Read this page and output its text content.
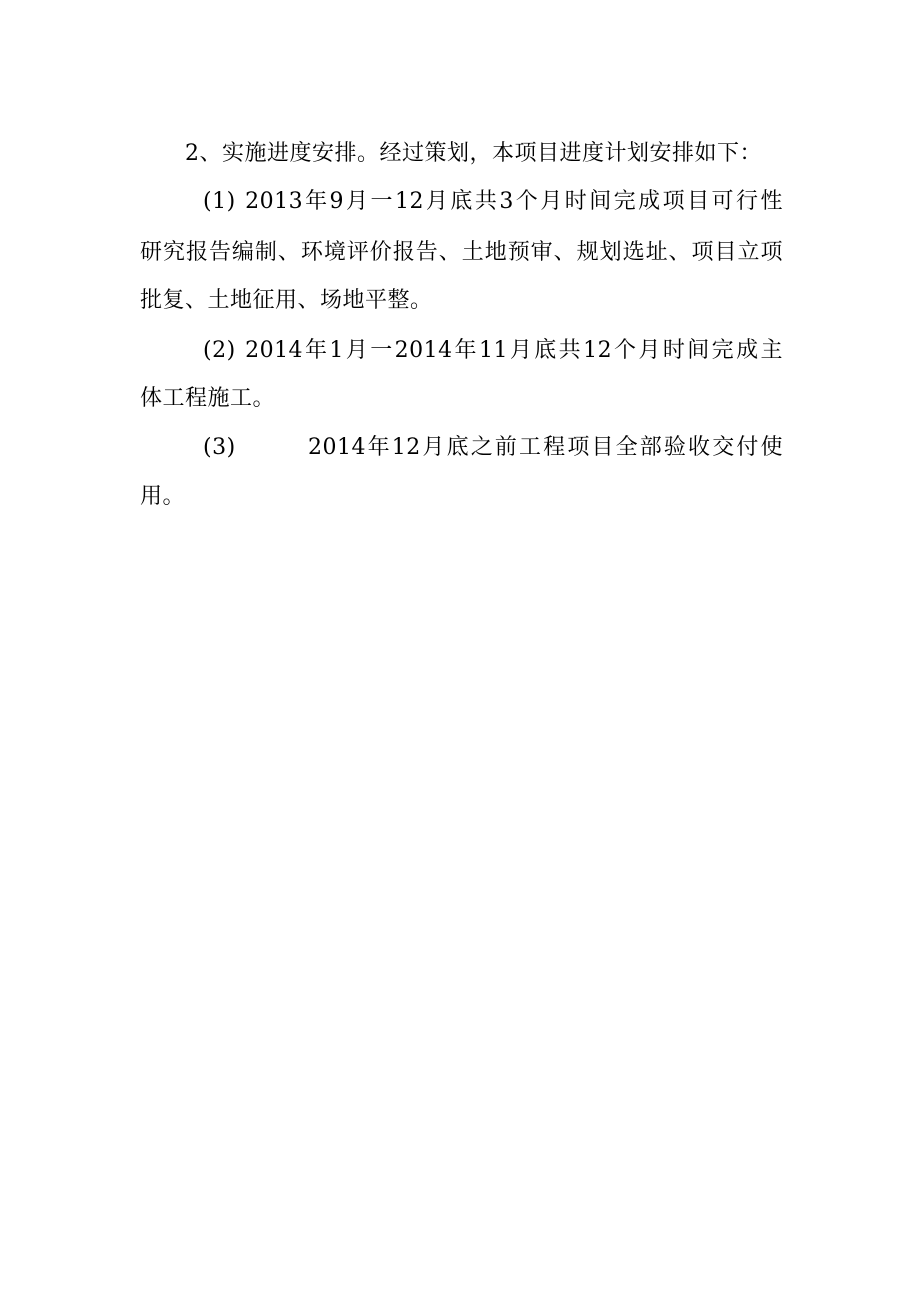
2、实施进度安排。经过策划，本项目进度计划安排如下：
(1) 2013年9月一12月底共3个月时间完成项目可行性
研究报告编制、环境评价报告、土地预审、规划选址、项目立项
批复、土地征用、场地平整。
(2) 2014年1月一2014年11月底共12个月时间完成主
体工程施工。
(3)	2014年12月底之前工程项目全部验收交付使
用。
